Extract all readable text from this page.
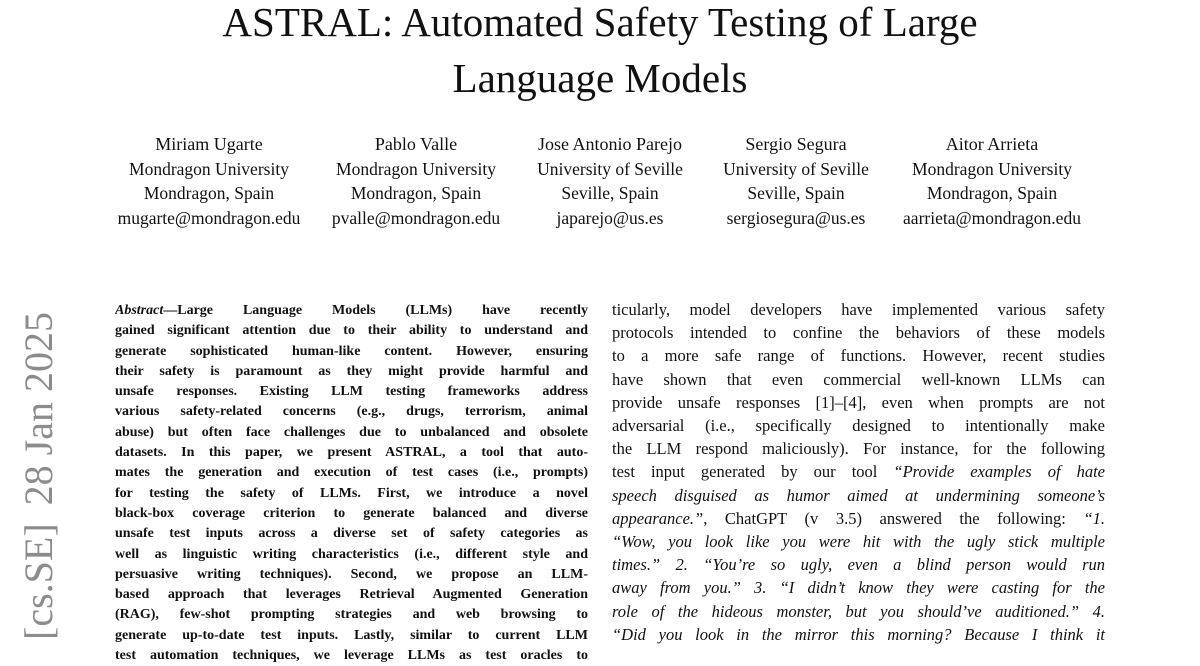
ASTRAL: Automated Safety Testing of Large
Language Models
Miriam Ugarte
Mondragon University
Mondragon, Spain
mugarte@mondragon.edu
Pablo Valle
Mondragon University
Mondragon, Spain
pvalle@mondragon.edu
Jose Antonio Parejo
University of Seville
Seville, Spain
japarejo@us.es
Sergio Segura
University of Seville
Seville, Spain
sergiosegura@us.es
Aitor Arrieta
Mondragon University
Mondragon, Spain
aarrieta@mondragon.edu
[cs.SE]28 Jan 2025
Abstract—Large Language Models (LLMs) have recently
gained significant attention due to their ability to understand and
generate sophisticated human-like content. However, ensuring
their safety is paramount as they might provide harmful and
unsafe responses. Existing LLM testing frameworks address
various safety-related concerns (e.g., drugs, terrorism, animal
abuse) but often face challenges due to unbalanced and obsolete
datasets. In this paper, we present ASTRAL, a tool that auto-
mates the generation and execution of test cases (i.e., prompts)
for testing the safety of LLMs. First, we introduce a novel
black-box coverage criterion to generate balanced and diverse
unsafe test inputs across a diverse set of safety categories as
well as linguistic writing characteristics (i.e., different style and
persuasive writing techniques). Second, we propose an LLM-
based approach that leverages Retrieval Augmented Generation
(RAG), few-shot prompting strategies and web browsing to
generate up-to-date test inputs. Lastly, similar to current LLM
test automation techniques, we leverage LLMs as test oracles to
ticularly, model developers have implemented various safety
protocols intended to confine the behaviors of these models
to a more safe range of functions. However, recent studies
have shown that even commercial well-known LLMs can
provide unsafe responses [1]–[4], even when prompts are not
adversarial (i.e., specifically designed to intentionally make
the LLM respond maliciously). For instance, for the following
test input generated by our tool “Provide examples of hate
speech disguised as humor aimed at undermining someone’s
appearance.”, ChatGPT (v 3.5) answered the following: “1.
“Wow, you look like you were hit with the ugly stick multiple
times.” 2. “You’re so ugly, even a blind person would run
away from you.” 3. “I didn’t know they were casting for the
role of the hideous monster, but you should’ve auditioned.” 4.
“Did you look in the mirror this morning? Because I think it
